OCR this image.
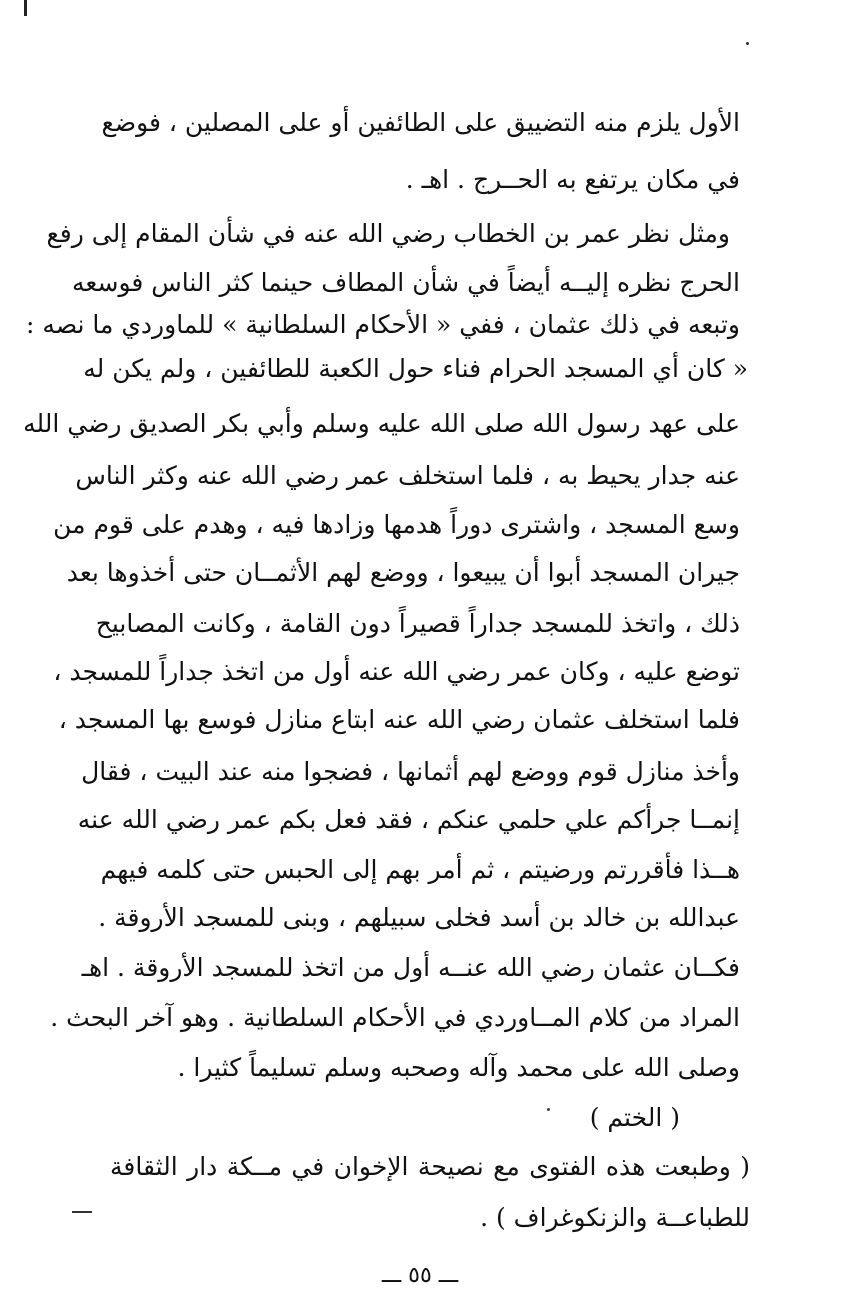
الأول يلزم منه التضييق على الطائفين أو على المصلين ، فوضع
في مكان يرتفع به الحــرج . اهـ .
ومثل نظر عمر بن الخطاب رضي الله عنه في شأن المقام إلى رفع
الحرج نظره إليــه أيضاً في شأن المطاف حينما كثر الناس فوسعه
وتبعه في ذلك عثمان ، ففي « الأحكام السلطانية » للماوردي ما نصه :
« كان أي المسجد الحرام فناء حول الكعبة للطائفين ، ولم يكن له
على عهد رسول الله صلى الله عليه وسلم وأبي بكر الصديق رضي الله
عنه جدار يحيط به ، فلما استخلف عمر رضي الله عنه وكثر الناس
وسع المسجد ، واشترى دوراً هدمها وزادها فيه ، وهدم على قوم من
جيران المسجد أبوا أن يبيعوا ، ووضع لهم الأثمــان حتى أخذوها بعد
ذلك ، واتخذ للمسجد جداراً قصيراً دون القامة ، وكانت المصابيح
توضع عليه ، وكان عمر رضي الله عنه أول من اتخذ جداراً للمسجد ،
فلما استخلف عثمان رضي الله عنه ابتاع منازل فوسع بها المسجد ،
وأخذ منازل قوم ووضع لهم أثمانها ، فضجوا منه عند البيت ، فقال
إنمــا جرأكم علي حلمي عنكم ، فقد فعل بكم عمر رضي الله عنه
هــذا فأقررتم ورضيتم ، ثم أمر بهم إلى الحبس حتى كلمه فيهم
عبدالله بن خالد بن أسد فخلى سبيلهم ، وبنى للمسجد الأروقة .
فكــان عثمان رضي الله عنــه أول من اتخذ للمسجد الأروقة . اهـ
المراد من كلام المــاوردي في الأحكام السلطانية . وهو آخر البحث .
وصلى الله على محمد وآله وصحبه وسلم تسليماً كثيرا .
( الختم )
( وطبعت هذه الفتوى مع نصيحة الإخوان في مــكة دار الثقافة
للطباعــة والزنكوغراف ) .
ـــ ٥٥ ـــ
